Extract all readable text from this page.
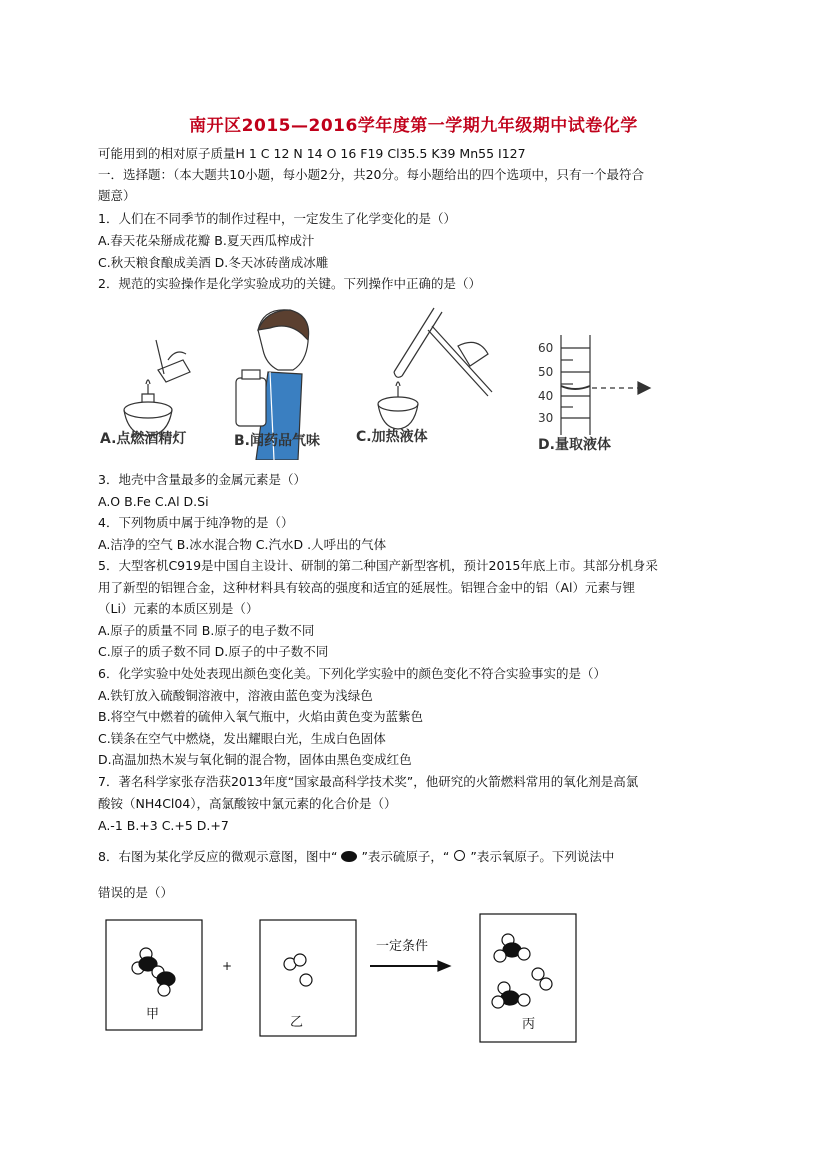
南开区2015—2016学年度第一学期九年级期中试卷化学
可能用到的相对原子质量H 1 C 12 N 14 O 16 F19 Cl35.5 K39 Mn55 I127
一．选择题：（本大题共10小题，每小题2分，共20分。每小题给出的四个选项中，只有一个最符合
题意）
1．人们在不同季节的制作过程中，一定发生了化学变化的是（）
A.春天花朵掰成花瓣 B.夏天西瓜榨成汁
C.秋天粮食酿成美酒 D.冬天冰砖凿成冰雕
2．规范的实验操作是化学实验成功的关键。下列操作中正确的是（）
60
50
40
30
A.点燃酒精灯	B.闻药品气味	C.加热液体	D.量取液体
3．地壳中含量最多的金属元素是（）
A.O B.Fe C.Al D.Si
4．下列物质中属于纯净物的是（）
A.洁净的空气 B.冰水混合物 C.汽水D .人呼出的气体
5．大型客机C919是中国自主设计、研制的第二种国产新型客机，预计2015年底上市。其部分机身采
用了新型的铝锂合金，这种材料具有较高的强度和适宜的延展性。铝锂合金中的铝（Al）元素与锂
（Li）元素的本质区别是（）
A.原子的质量不同 B.原子的电子数不同
C.原子的质子数不同 D.原子的中子数不同
6．化学实验中处处表现出颜色变化美。下列化学实验中的颜色变化不符合实验事实的是（）
A.铁钉放入硫酸铜溶液中，溶液由蓝色变为浅绿色
B.将空气中燃着的硫伸入氧气瓶中，火焰由黄色变为蓝紫色
C.镁条在空气中燃烧，发出耀眼白光，生成白色固体
D.高温加热木炭与氧化铜的混合物，固体由黑色变成红色
7．著名科学家张存浩获2013年度“国家最高科学技术奖”，他研究的火箭燃料常用的氧化剂是高氯
酸铵（NH4Cl04），高氯酸铵中氯元素的化合价是（）
A.-1 B.+3 C.+5 D.+7
8．右图为某化学反应的微观示意图，图中“ ”表示硫原子，“ ”表示氧原子。下列说法中
错误的是（）
甲
乙	丙
+
一定条件
